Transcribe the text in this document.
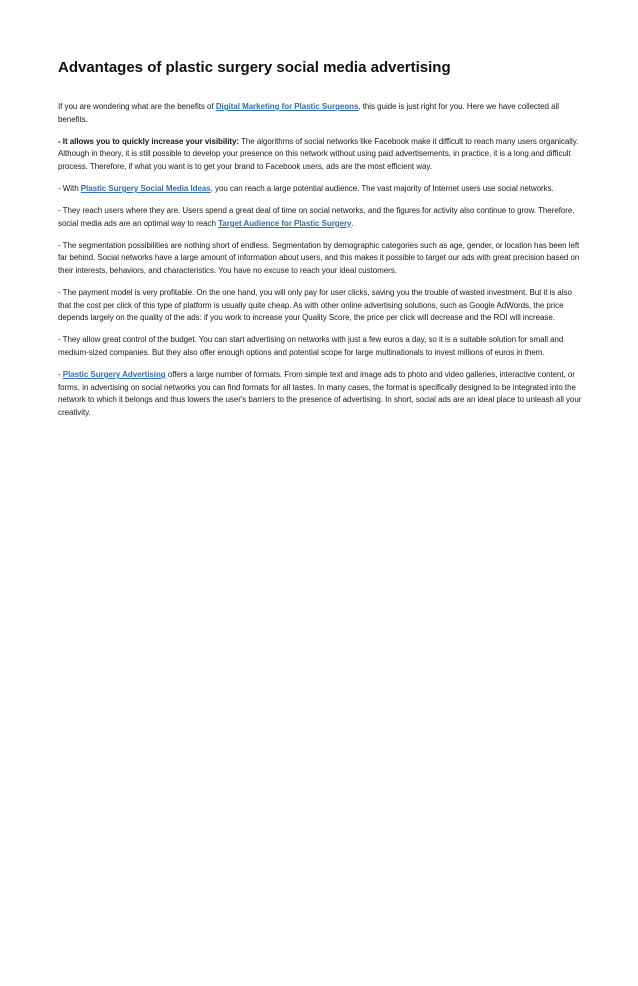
Advantages of plastic surgery social media advertising

If you are wondering what are the benefits of Digital Marketing for Plastic Surgeons, this guide is just right for you. Here we have collected all benefits.

- It allows you to quickly increase your visibility: The algorithms of social networks like Facebook make it difficult to reach many users organically. Although in theory, it is still possible to develop your presence on this network without using paid advertisements, in practice, it is a long and difficult process. Therefore, if what you want is to get your brand to Facebook users, ads are the most efficient way.

- With Plastic Surgery Social Media Ideas, you can reach a large potential audience. The vast majority of Internet users use social networks.

- They reach users where they are. Users spend a great deal of time on social networks, and the figures for activity also continue to grow. Therefore, social media ads are an optimal way to reach Target Audience for Plastic Surgery.

- The segmentation possibilities are nothing short of endless. Segmentation by demographic categories such as age, gender, or location has been left far behind. Social networks have a large amount of information about users, and this makes it possible to target our ads with great precision based on their interests, behaviors, and characteristics. You have no excuse to reach your ideal customers.

- The payment model is very profitable. On the one hand, you will only pay for user clicks, saving you the trouble of wasted investment. But it is also that the cost per click of this type of platform is usually quite cheap. As with other online advertising solutions, such as Google AdWords, the price depends largely on the quality of the ads: if you work to increase your Quality Score, the price per click will decrease and the ROI will increase.

- They allow great control of the budget. You can start advertising on networks with just a few euros a day, so it is a suitable solution for small and medium-sized companies. But they also offer enough options and potential scope for large multinationals to invest millions of euros in them.

- Plastic Surgery Advertising offers a large number of formats. From simple text and image ads to photo and video galleries, interactive content, or forms, in advertising on social networks you can find formats for all tastes. In many cases, the format is specifically designed to be integrated into the network to which it belongs and thus lowers the user's barriers to the presence of advertising. In short, social ads are an ideal place to unleash all your creativity.
